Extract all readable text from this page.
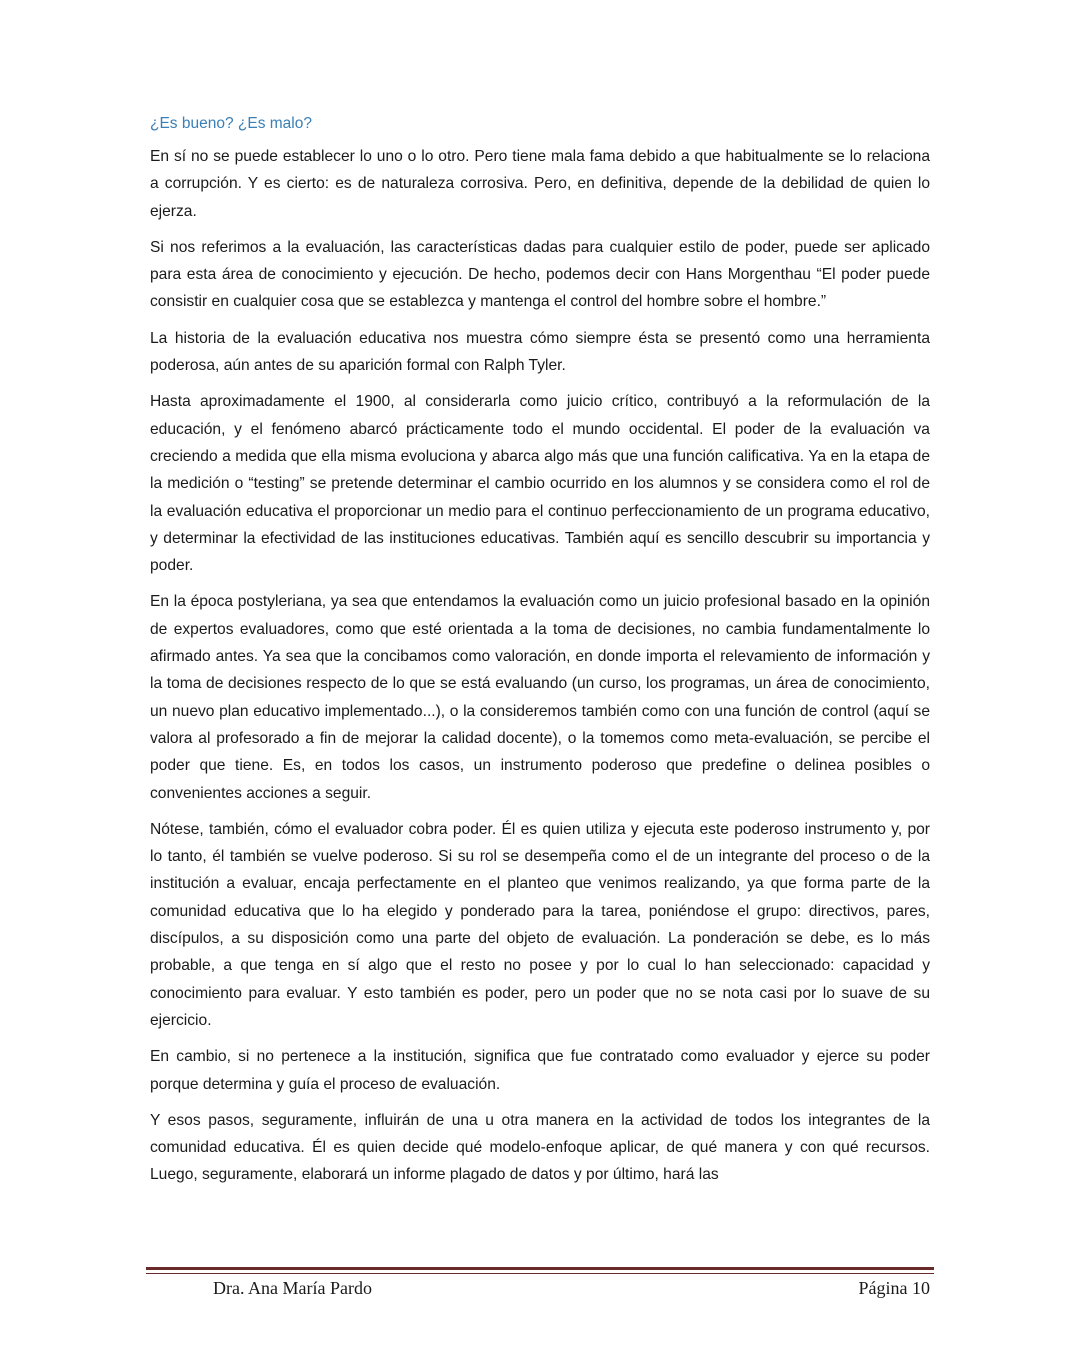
¿Es bueno? ¿Es malo?

En sí no se puede establecer lo uno o lo otro. Pero tiene mala fama debido a que habitualmente se lo relaciona a corrupción. Y es cierto: es de naturaleza corrosiva. Pero, en definitiva, depende de la debilidad de quien lo ejerza.

Si nos referimos a la evaluación, las características dadas para cualquier estilo de poder, puede ser aplicado para esta área de conocimiento y ejecución. De hecho, podemos decir con Hans Morgenthau “El poder puede consistir en cualquier cosa que se establezca y mantenga el control del hombre sobre el hombre.”

La historia de la evaluación educativa nos muestra cómo siempre ésta se presentó como una herramienta poderosa, aún antes de su aparición formal con Ralph Tyler.

Hasta aproximadamente el 1900, al considerarla como juicio crítico, contribuyó a la reformulación de la educación, y el fenómeno abarcó prácticamente todo el mundo occidental. El poder de la evaluación va creciendo a medida que ella misma evoluciona y abarca algo más que una función calificativa. Ya en la etapa de la medición o “testing” se pretende determinar el cambio ocurrido en los alumnos y se considera como el rol de la evaluación educativa el proporcionar un medio para el continuo perfeccionamiento de un programa educativo, y determinar la efectividad de las instituciones educativas. También aquí es sencillo descubrir su importancia y poder.

En la época postyleriana, ya sea que entendamos la evaluación como un juicio profesional basado en la opinión de expertos evaluadores, como que esté orientada a la toma de decisiones, no cambia fundamentalmente lo afirmado antes. Ya sea que la concibamos como valoración, en donde importa el relevamiento de información y la toma de decisiones respecto de lo que se está evaluando (un curso, los programas, un área de conocimiento, un nuevo plan educativo implementado...), o la consideremos también como con una función de control (aquí se valora al profesorado a fin de mejorar la calidad docente), o la tomemos como meta-evaluación, se percibe el poder que tiene. Es, en todos los casos, un instrumento poderoso que predefine o delinea posibles o convenientes acciones a seguir.

Nótese, también, cómo el evaluador cobra poder. Él es quien utiliza y ejecuta este poderoso instrumento y, por lo tanto, él también se vuelve poderoso. Si su rol se desempeña como el de un integrante del proceso o de la institución a evaluar, encaja perfectamente en el planteo que venimos realizando, ya que forma parte de la comunidad educativa que lo ha elegido y ponderado para la tarea, poniéndose el grupo: directivos, pares, discípulos, a su disposición como una parte del objeto de evaluación. La ponderación se debe, es lo más probable, a que tenga en sí algo que el resto no posee y por lo cual lo han seleccionado: capacidad y conocimiento para evaluar. Y esto también es poder, pero un poder que no se nota casi por lo suave de su ejercicio.

En cambio, si no pertenece a la institución, significa que fue contratado como evaluador y ejerce su poder porque determina y guía el proceso de evaluación.

Y esos pasos, seguramente, influirán de una u otra manera en la actividad de todos los integrantes de la comunidad educativa. Él es quien decide qué modelo-enfoque aplicar, de qué manera y con qué recursos. Luego, seguramente, elaborará un informe plagado de datos y por último, hará las

Dra. Ana María Pardo	Página 10
